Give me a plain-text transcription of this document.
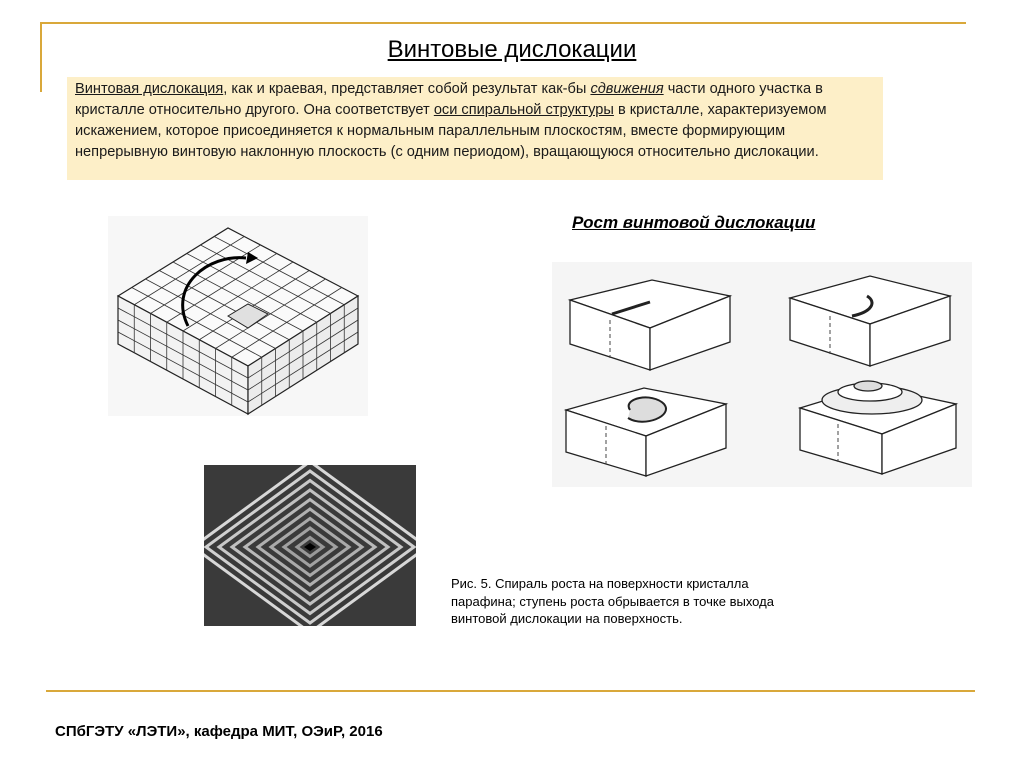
Винтовые дислокации
Винтовая дислокация, как и краевая, представляет собой результат как-бы сдвижения части одного участка в кристалле относительно другого. Она соответствует оси спиральной структуры в кристалле, характеризуемом искажением, которое присоединяется к нормальным параллельным плоскостям, вместе формирующим непрерывную винтовую наклонную плоскость (с одним периодом), вращающуюся относительно дислокации.
Рост винтовой дислокации
Рис. 5. Спираль роста на поверхности кристалла парафина; ступень роста обрывается в точке выхода винтовой дислокации на поверхность.
СПбГЭТУ «ЛЭТИ», кафедра МИТ, ОЭиР, 2016
